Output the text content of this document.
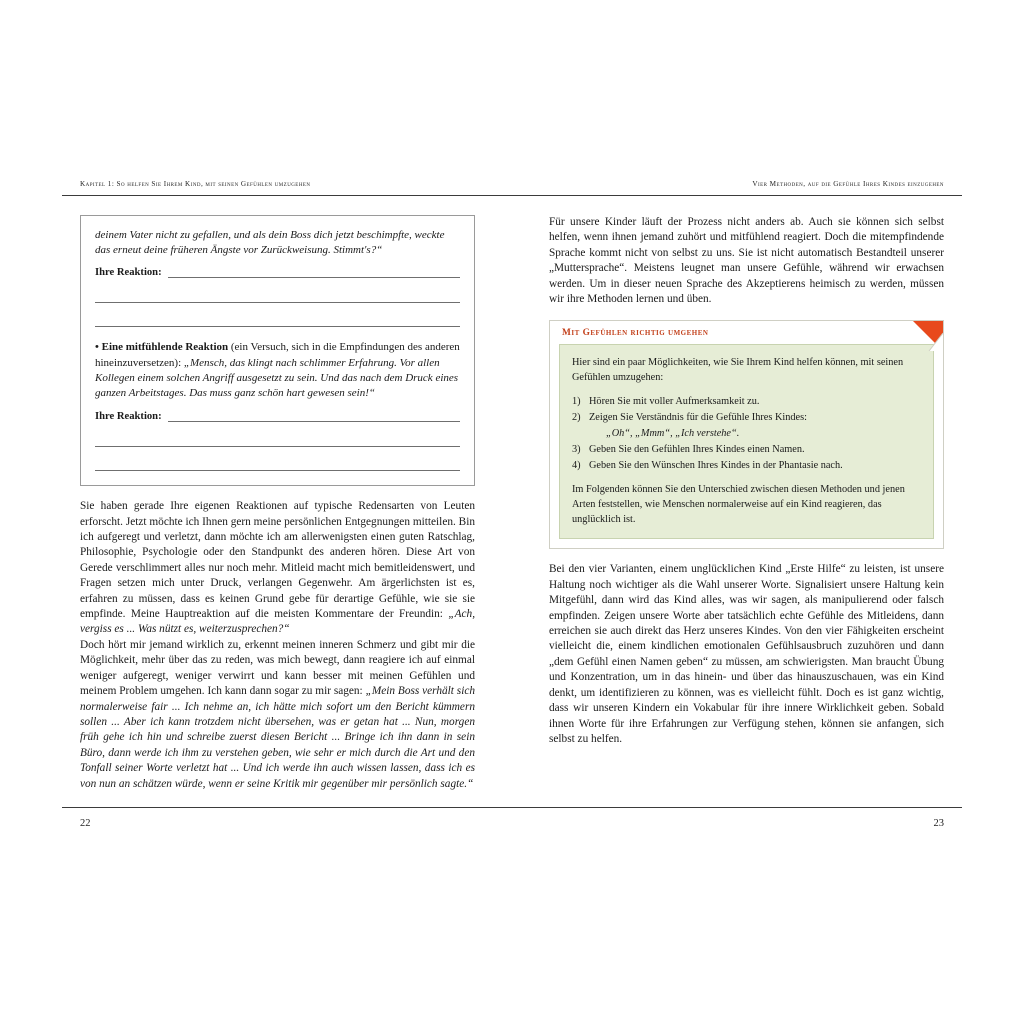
Kapitel 1: So helfen Sie Ihrem Kind, mit seinen Gefühlen umzugehen	Vier Methoden, auf die Gefühle Ihres Kindes einzugehen
22	23
deinem Vater nicht zu gefallen, und als dein Boss dich jetzt beschimpfte, weckte das erneut deine früheren Ängste vor Zurückweisung. Stimmt's?“
Ihre Reaktion:
• Eine mitfühlende Reaktion (ein Versuch, sich in die Empfindungen des anderen hineinzuversetzen): „Mensch, das klingt nach schlimmer Erfahrung. Vor allen Kollegen einem solchen Angriff ausgesetzt zu sein. Und das nach dem Druck eines ganzen Arbeitstages. Das muss ganz schön hart gewesen sein!“
Ihre Reaktion:

Sie haben gerade Ihre eigenen Reaktionen auf typische Redensarten von Leuten erforscht. Jetzt möchte ich Ihnen gern meine persönlichen Entgegnungen mitteilen. Bin ich aufgeregt und verletzt, dann möchte ich am allerwenigsten einen guten Ratschlag, Philosophie, Psychologie oder den Standpunkt des anderen hören. Diese Art von Gerede verschlimmert alles nur noch mehr. Mitleid macht mich bemitleidenswert, und Fragen setzen mich unter Druck, verlangen Gegenwehr. Am ärgerlichsten ist es, erfahren zu müssen, dass es keinen Grund gebe für derartige Gefühle, wie sie sie empfinde. Meine Hauptreaktion auf die meisten Kommentare der Freundin: „Ach, vergiss es ... Was nützt es, weiterzusprechen?“

Doch hört mir jemand wirklich zu, erkennt meinen inneren Schmerz und gibt mir die Möglichkeit, mehr über das zu reden, was mich bewegt, dann reagiere ich auf einmal weniger aufgeregt, weniger verwirrt und kann besser mit meinen Gefühlen und meinem Problem umgehen. Ich kann dann sogar zu mir sagen: „Mein Boss verhält sich normalerweise fair ... Ich nehme an, ich hätte mich sofort um den Bericht kümmern sollen ... Aber ich kann trotzdem nicht übersehen, was er getan hat ... Nun, morgen früh gehe ich hin und schreibe zuerst diesen Bericht ... Bringe ich ihn dann in sein Büro, dann werde ich ihm zu verstehen geben, wie sehr er mich durch die Art und den Tonfall seiner Worte verletzt hat ... Und ich werde ihn auch wissen lassen, dass ich es von nun an schätzen würde, wenn er seine Kritik mir gegenüber mir persönlich sagte.“

Für unsere Kinder läuft der Prozess nicht anders ab. Auch sie können sich selbst helfen, wenn ihnen jemand zuhört und mitfühlend reagiert. Doch die mitempfindende Sprache kommt nicht von selbst zu uns. Sie ist nicht automatisch Bestandteil unserer „Muttersprache“. Meistens leugnet man unsere Gefühle, während wir erwachsen werden. Um in dieser neuen Sprache des Akzeptierens heimisch zu werden, müssen wir ihre Methoden lernen und üben.

Mit Gefühlen richtig umgehen

Hier sind ein paar Möglichkeiten, wie Sie Ihrem Kind helfen können, mit seinen Gefühlen umzugehen:

1) Hören Sie mit voller Aufmerksamkeit zu.
2) Zeigen Sie Verständnis für die Gefühle Ihres Kindes:
„Oh“, „Mmm“, „Ich verstehe“.
3) Geben Sie den Gefühlen Ihres Kindes einen Namen.
4) Geben Sie den Wünschen Ihres Kindes in der Phantasie nach.

Im Folgenden können Sie den Unterschied zwischen diesen Methoden und jenen Arten feststellen, wie Menschen normalerweise auf ein Kind reagieren, das unglücklich ist.

Bei den vier Varianten, einem unglücklichen Kind „Erste Hilfe“ zu leisten, ist unsere Haltung noch wichtiger als die Wahl unserer Worte. Signalisiert unsere Haltung kein Mitgefühl, dann wird das Kind alles, was wir sagen, als manipulierend oder falsch empfinden. Zeigen unsere Worte aber tatsächlich echte Gefühle des Mitleidens, dann erreichen sie auch direkt das Herz unseres Kindes. Von den vier Fähigkeiten erscheint vielleicht die, einem kindlichen emotionalen Gefühlsausbruch zuzuhören und dann „dem Gefühl einen Namen geben“ zu müssen, am schwierigsten. Man braucht Übung und Konzentration, um in das hinein- und über das hinauszuschauen, was ein Kind denkt, um identifizieren zu können, was es vielleicht fühlt. Doch es ist ganz wichtig, dass wir unseren Kindern ein Vokabular für ihre innere Wirklichkeit geben. Sobald ihnen Worte für ihre Erfahrungen zur Verfügung stehen, können sie anfangen, sich selbst zu helfen.
